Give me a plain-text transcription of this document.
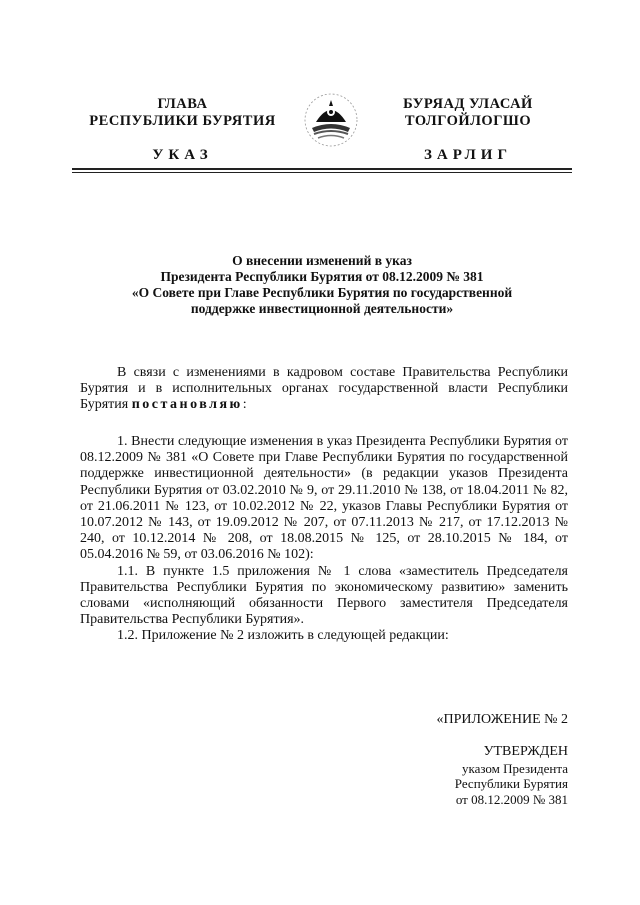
ГЛАВА
РЕСПУБЛИКИ БУРЯТИЯ
УКАЗ
БУРЯАД УЛАСАЙ
ТОЛГОЙЛОГШО
ЗАРЛИГ
О внесении изменений в указ
Президента Республики Бурятия от 08.12.2009 № 381
«О Совете при Главе Республики Бурятия по государственной
поддержке инвестиционной деятельности»

В связи с изменениями в кадровом составе Правительства Республики Бурятия и в исполнительных органах государственной власти Республики Бурятия постановляю:

1. Внести следующие изменения в указ Президента Республики Бурятия от 08.12.2009 № 381 «О Совете при Главе Республики Бурятия по государственной поддержке инвестиционной деятельности» (в редакции указов Президента Республики Бурятия от 03.02.2010 № 9, от 29.11.2010 № 138, от 18.04.2011 № 82, от 21.06.2011 № 123, от 10.02.2012 № 22, указов Главы Республики Бурятия от 10.07.2012 № 143, от 19.09.2012 № 207, от 07.11.2013 № 217, от 17.12.2013 № 240, от 10.12.2014 № 208, от 18.08.2015 № 125, от 28.10.2015 № 184, от 05.04.2016 № 59, от 03.06.2016 № 102):

1.1. В пункте 1.5 приложения № 1 слова «заместитель Председателя Правительства Республики Бурятия по экономическому развитию» заменить словами «исполняющий обязанности Первого заместителя Председателя Правительства Республики Бурятия».

1.2. Приложение № 2 изложить в следующей редакции:

«ПРИЛОЖЕНИЕ № 2
УТВЕРЖДЕН
указом Президента
Республики Бурятия
от 08.12.2009 № 381
